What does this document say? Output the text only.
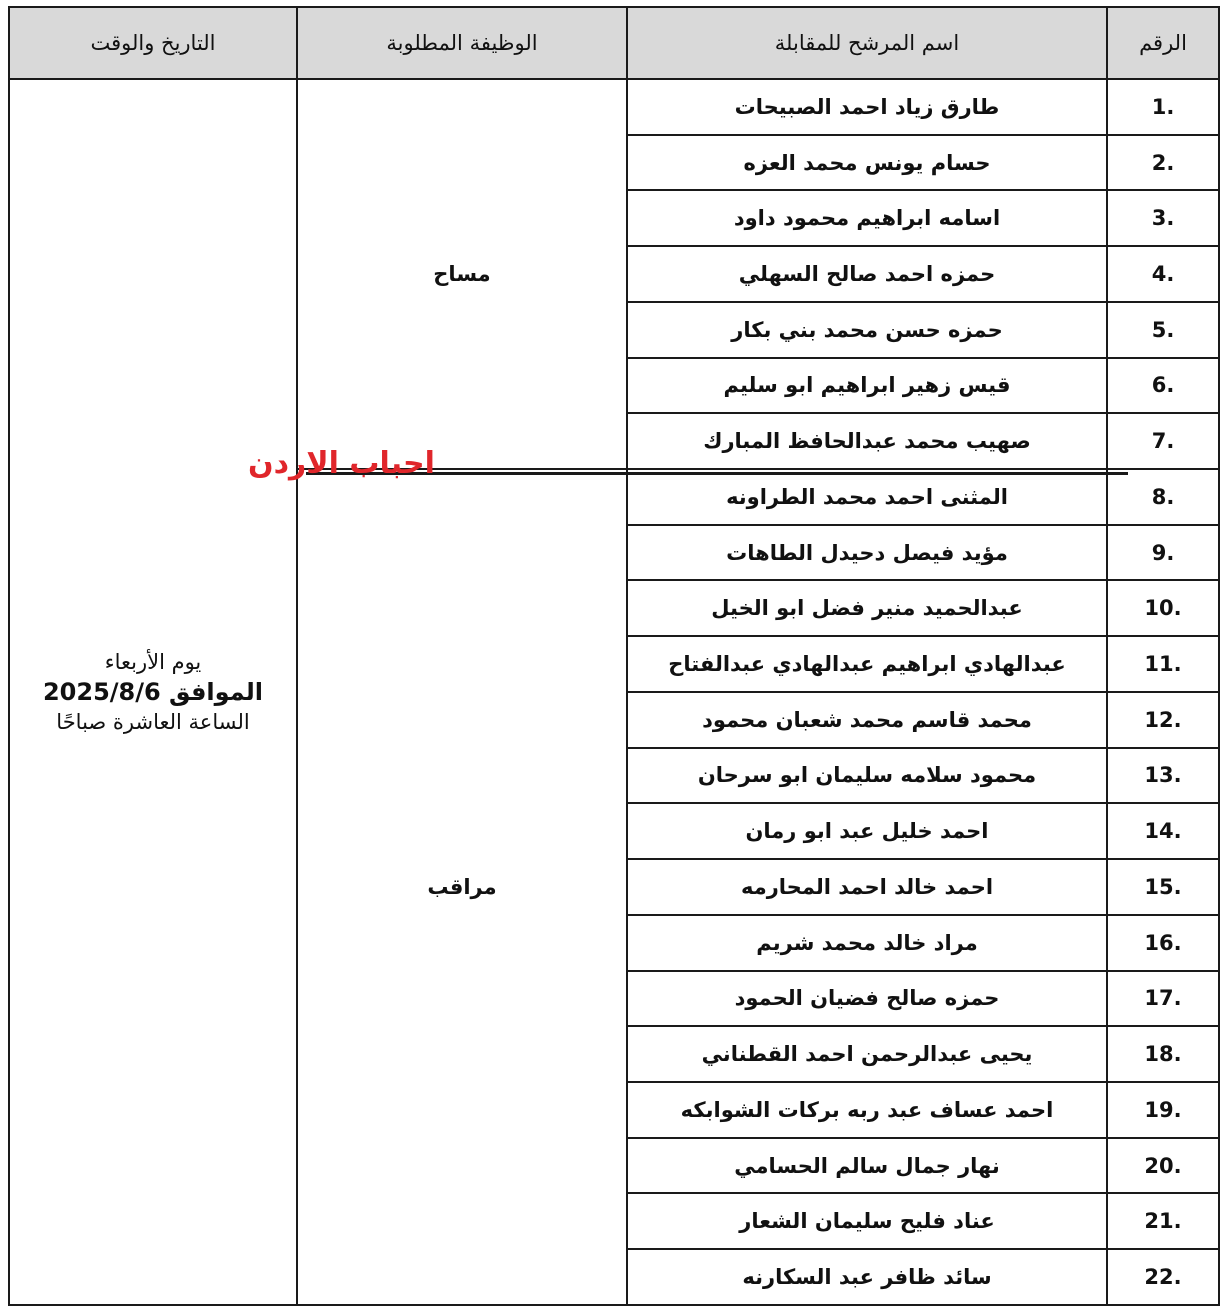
الرقم	اسم المرشح للمقابلة	الوظيفة المطلوبة	التاريخ والوقت
.1	طارق زياد احمد الصبيحات	مساح	يوم الأربعاء
الموافق 2025/8/6
الساعة العاشرة صباحًا

.2	حسام يونس محمد العزه		
.3	اسامه ابراهيم محمود داود		
.4	حمزه احمد صالح السهلي		
.5	حمزه حسن محمد بني بكار		
.6	قيس زهير ابراهيم ابو سليم		
.7	صهيب محمد عبدالحافظ المبارك		
.8	المثنى احمد محمد الطراونه	مراقب	
.9	مؤيد فيصل دحيدل الطاهات		
.10	عبدالحميد منير فضل ابو الخيل		
.11	عبدالهادي ابراهيم عبدالهادي عبدالفتاح		
.12	محمد قاسم محمد شعبان محمود		
.13	محمود سلامه سليمان ابو سرحان		
.14	احمد خليل عبد ابو رمان		
.15	احمد خالد احمد المحارمه		
.16	مراد خالد محمد شريم		
.17	حمزه صالح فضيان الحمود		
.18	يحيى عبدالرحمن احمد القطناني		
.19	احمد عساف عبد ربه بركات الشوابكه		
.20	نهار جمال سالم الحسامي		
.21	عناد فليح سليمان الشعار		
.22	سائد ظافر عبد السكارنه		
احباب الاردن
